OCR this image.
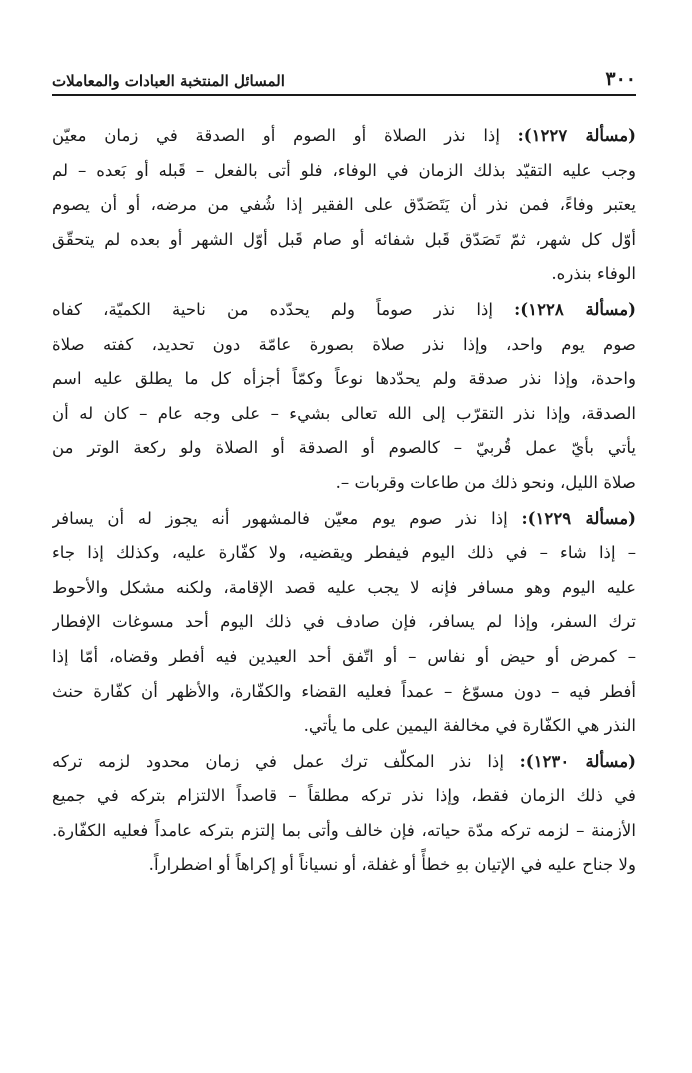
٣٠٠
المسائل المنتخبة العبادات والمعاملات

(مسألة ١٢٢٧): إذا نذر الصلاة أو الصوم أو الصدقة في زمان معيّن
وجب عليه التقيّد بذلك الزمان في الوفاء، فلو أتى بالفعل – قَبله أو بَعده – لم
يعتبر وفاءً، فمن نذر أن يَتَصَدّق على الفقير إذا شُفي من مرضه، أو أن يصوم
أوّل كل شهر، ثمّ تَصَدّق قَبل شفائه أو صام قَبل أوّل الشهر أو بعده لم يتحقّق
الوفاء بنذره.

(مسألة ١٢٢٨): إذا نذر صوماً ولم يحدّده من ناحية الكميّة، كفاه
صوم يوم واحد، وإذا نذر صلاة بصورة عامّة دون تحديد، كفته صلاة
واحدة، وإذا نذر صدقة ولم يحدّدها نوعاً وكمّاً أجزأه كل ما يطلق عليه اسم
الصدقة، وإذا نذر التقرّب إلى الله تعالى بشيء – على وجه عام – كان له أن
يأتي بأيّ عمل قُربيّ – كالصوم أو الصدقة أو الصلاة ولو ركعة الوتر من
صلاة الليل، ونحو ذلك من طاعات وقربات –.

(مسألة ١٢٢٩): إذا نذر صوم يوم معيّن فالمشهور أنه يجوز له أن يسافر
– إذا شاء – في ذلك اليوم فيفطر ويقضيه، ولا كفّارة عليه، وكذلك إذا جاء
عليه اليوم وهو مسافر فإنه لا يجب عليه قصد الإقامة، ولكنه مشكل والأحوط
ترك السفر، وإذا لم يسافر، فإن صادف في ذلك اليوم أحد مسوغات الإفطار
– كمرض أو حيض أو نفاس – أو اتّفق أحد العيدين فيه أفطر وقضاه، أمّا إذا
أفطر فيه – دون مسوّغ – عمداً فعليه القضاء والكفّارة، والأظهر أن كفّارة حنث
النذر هي الكفّارة في مخالفة اليمين على ما يأتي.

(مسألة ١٢٣٠): إذا نذر المكلّف ترك عمل في زمان محدود لزمه تركه
في ذلك الزمان فقط، وإذا نذر تركه مطلقاً – قاصداً الالتزام بتركه في جميع
الأزمنة – لزمه تركه مدّة حياته، فإن خالف وأتى بما إلتزم بتركه عامداً فعليه الكفّارة.
ولا جناح عليه في الإتيان بهِ خطأً أو غفلة، أو نسياناً أو إكراهاً أو اضطراراً.
